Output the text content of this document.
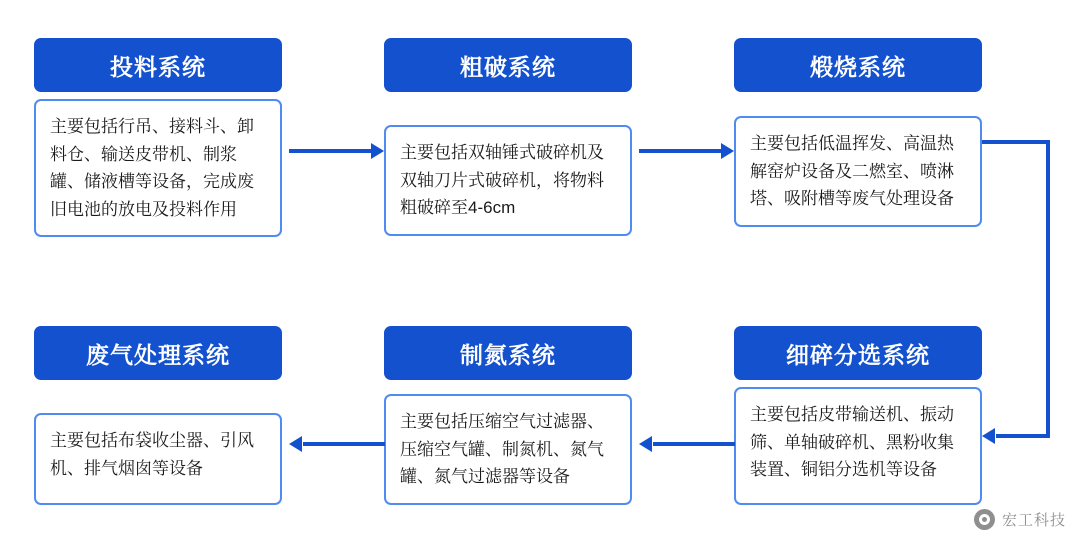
投料系统
主要包括行吊、接料斗、卸料仓、输送皮带机、制浆罐、储液槽等设备，完成废旧电池的放电及投料作用
粗破系统
主要包括双轴锤式破碎机及双轴刀片式破碎机，将物料粗破碎至4-6cm
煅烧系统
主要包括低温挥发、高温热解窑炉设备及二燃室、喷淋塔、吸附槽等废气处理设备
废气处理系统
主要包括布袋收尘器、引风机、排气烟囱等设备
制氮系统
主要包括压缩空气过滤器、压缩空气罐、制氮机、氮气罐、氮气过滤器等设备
细碎分选系统
主要包括皮带输送机、振动筛、单轴破碎机、黑粉收集装置、铜铝分选机等设备
宏工科技
